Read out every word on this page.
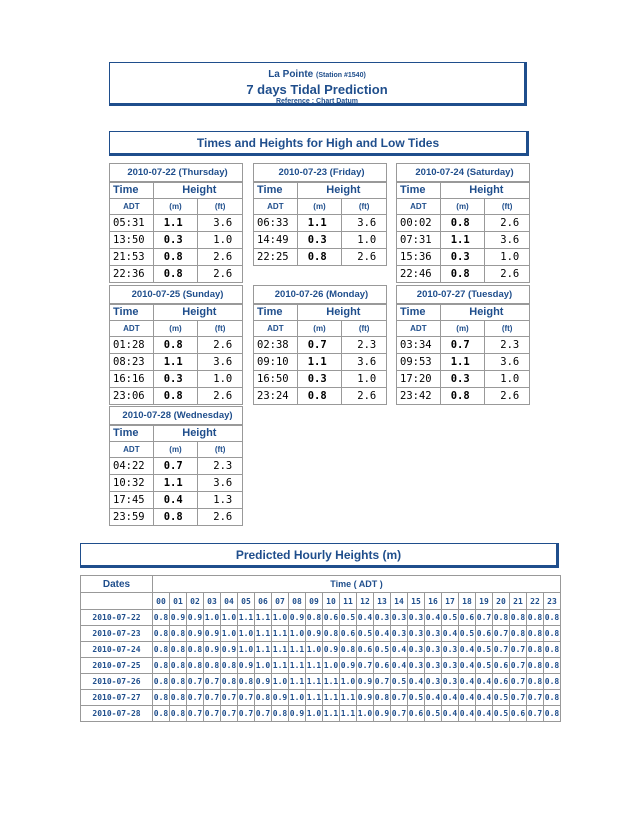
La Pointe (Station #1540)
7 days Tidal Prediction
Reference : Chart Datum
Times and Heights for High and Low Tides
2010-07-22 (Thursday)		
Time	Height	
ADT	(m)	(ft)
05:31	1.1	3.6
13:50	0.3	1.0
21:53	0.8	2.6
22:36	0.8	2.6
2010-07-23 (Friday)		
Time	Height	
ADT	(m)	(ft)
06:33	1.1	3.6
14:49	0.3	1.0
22:25	0.8	2.6
2010-07-24 (Saturday)		
Time	Height	
ADT	(m)	(ft)
00:02	0.8	2.6
07:31	1.1	3.6
15:36	0.3	1.0
22:46	0.8	2.6
2010-07-25 (Sunday)		
Time	Height	
ADT	(m)	(ft)
01:28	0.8	2.6
08:23	1.1	3.6
16:16	0.3	1.0
23:06	0.8	2.6
2010-07-26 (Monday)		
Time	Height	
ADT	(m)	(ft)
02:38	0.7	2.3
09:10	1.1	3.6
16:50	0.3	1.0
23:24	0.8	2.6
2010-07-27 (Tuesday)		
Time	Height	
ADT	(m)	(ft)
03:34	0.7	2.3
09:53	1.1	3.6
17:20	0.3	1.0
23:42	0.8	2.6
2010-07-28 (Wednesday)		
Time	Height	
ADT	(m)	(ft)
04:22	0.7	2.3
10:32	1.1	3.6
17:45	0.4	1.3
23:59	0.8	2.6
Predicted Hourly Heights (m)
Dates	Time ( ADT )																							
	00	01	02	03	04	05	06	07	08	09	10	11	12	13	14	15	16	17	18	19	20	21	22	23
2010-07-22	0.8	0.9	0.9	1.0	1.0	1.1	1.1	1.0	0.9	0.8	0.6	0.5	0.4	0.3	0.3	0.3	0.4	0.5	0.6	0.7	0.8	0.8	0.8	0.8
2010-07-23	0.8	0.8	0.9	0.9	1.0	1.0	1.1	1.1	1.0	0.9	0.8	0.6	0.5	0.4	0.3	0.3	0.3	0.4	0.5	0.6	0.7	0.8	0.8	0.8
2010-07-24	0.8	0.8	0.8	0.9	0.9	1.0	1.1	1.1	1.1	1.0	0.9	0.8	0.6	0.5	0.4	0.3	0.3	0.3	0.4	0.5	0.7	0.7	0.8	0.8
2010-07-25	0.8	0.8	0.8	0.8	0.8	0.9	1.0	1.1	1.1	1.1	1.0	0.9	0.7	0.6	0.4	0.3	0.3	0.3	0.4	0.5	0.6	0.7	0.8	0.8
2010-07-26	0.8	0.8	0.7	0.7	0.8	0.8	0.9	1.0	1.1	1.1	1.1	1.0	0.9	0.7	0.5	0.4	0.3	0.3	0.4	0.4	0.6	0.7	0.8	0.8
2010-07-27	0.8	0.8	0.7	0.7	0.7	0.7	0.8	0.9	1.0	1.1	1.1	1.1	0.9	0.8	0.7	0.5	0.4	0.4	0.4	0.4	0.5	0.7	0.7	0.8
2010-07-28	0.8	0.8	0.7	0.7	0.7	0.7	0.7	0.8	0.9	1.0	1.1	1.1	1.0	0.9	0.7	0.6	0.5	0.4	0.4	0.4	0.5	0.6	0.7	0.8
